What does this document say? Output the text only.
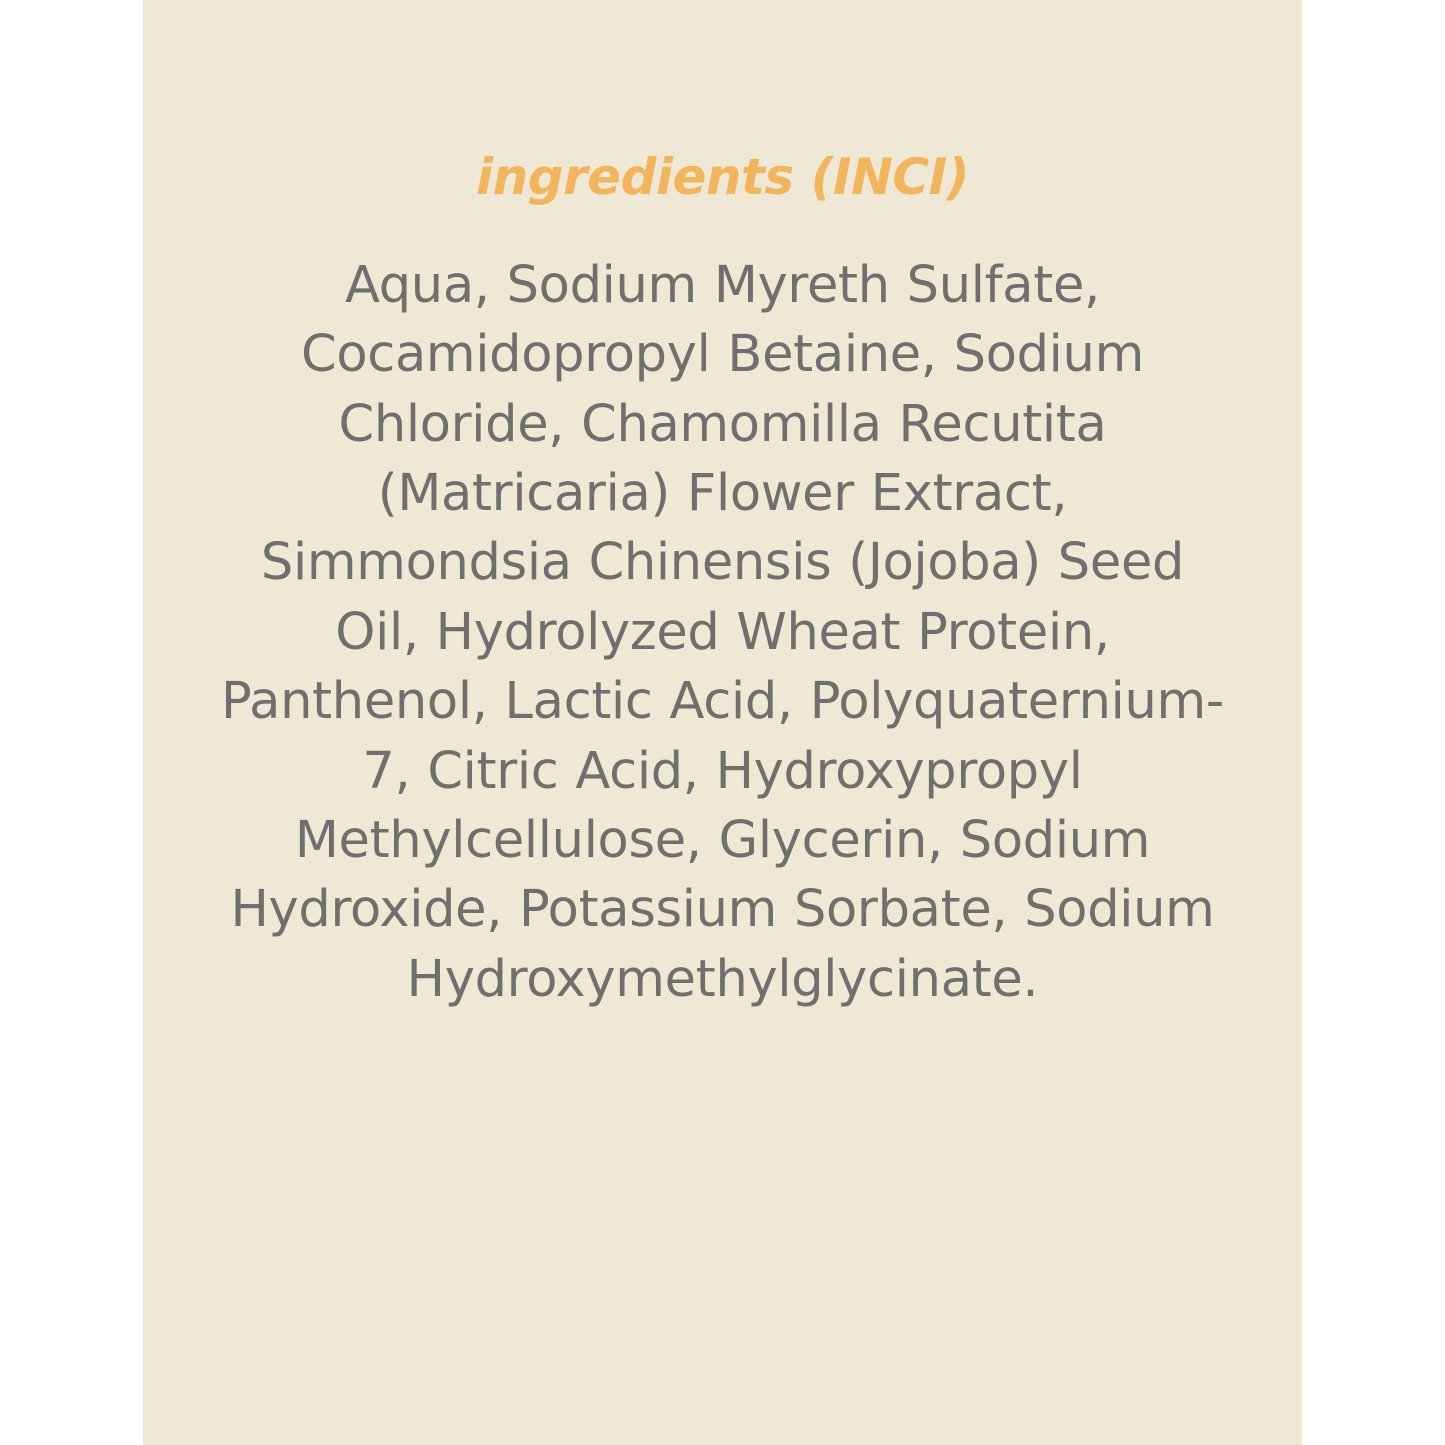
ingredients (INCI)
Aqua, Sodium Myreth Sulfate, Cocamidopropyl Betaine, Sodium Chloride, Chamomilla Recutita (Matricaria) Flower Extract, Simmondsia Chinensis (Jojoba) Seed Oil, Hydrolyzed Wheat Protein, Panthenol, Lactic Acid, Polyquaternium-7, Citric Acid, Hydroxypropyl Methylcellulose, Glycerin, Sodium Hydroxide, Potassium Sorbate, Sodium Hydroxymethylglycinate.
